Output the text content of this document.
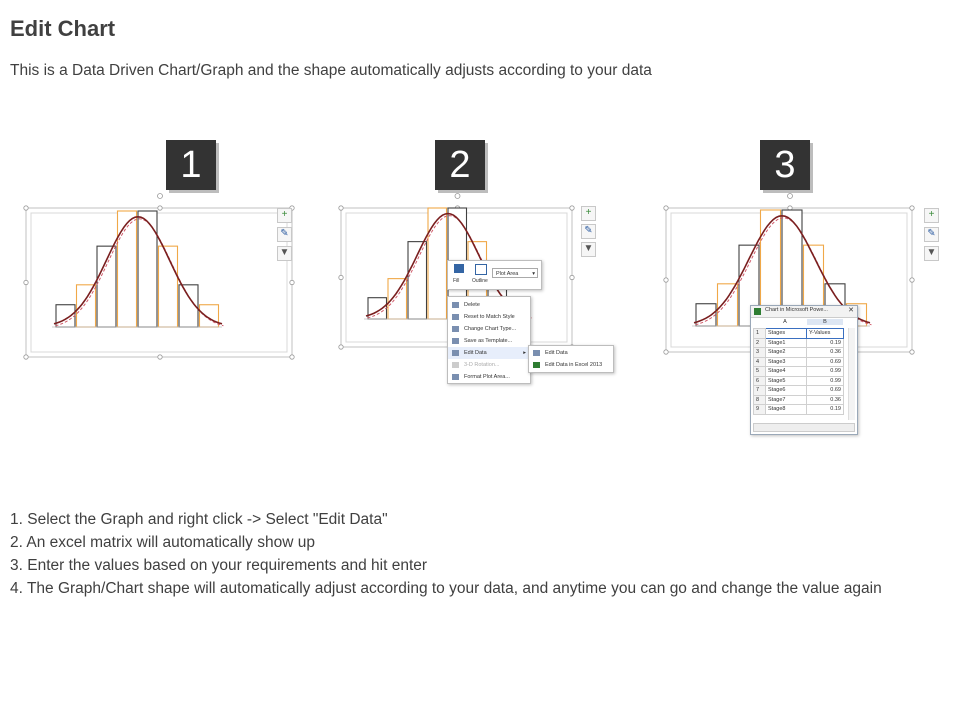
Edit Chart
This is a Data Driven Chart/Graph and the shape automatically adjusts according to your data
1	2	3
+
✎
▼
+
✎
▼
Fill	Outline
Plot Area	▾
Delete
Reset to Match Style
Change Chart Type...
Save as Template...
Edit Data	▸
3-D Rotation...
Format Plot Area...
Edit Data
Edit Data in Excel 2013
+
✎
▼
Chart in Microsoft Powe...	✕
A	B
1	Stages	Y-Values
2	Stage1	0.19
3	Stage2	0.36
4	Stage3	0.69
5	Stage4	0.99
6	Stage5	0.99
7	Stage6	0.69
8	Stage7	0.36
9	Stage8	0.19
1. Select the Graph and right click -> Select "Edit Data"
2. An excel matrix will automatically show up
3. Enter the values based on your requirements and hit enter
4. The Graph/Chart shape will automatically adjust according to your data, and anytime you can go and change the value again
